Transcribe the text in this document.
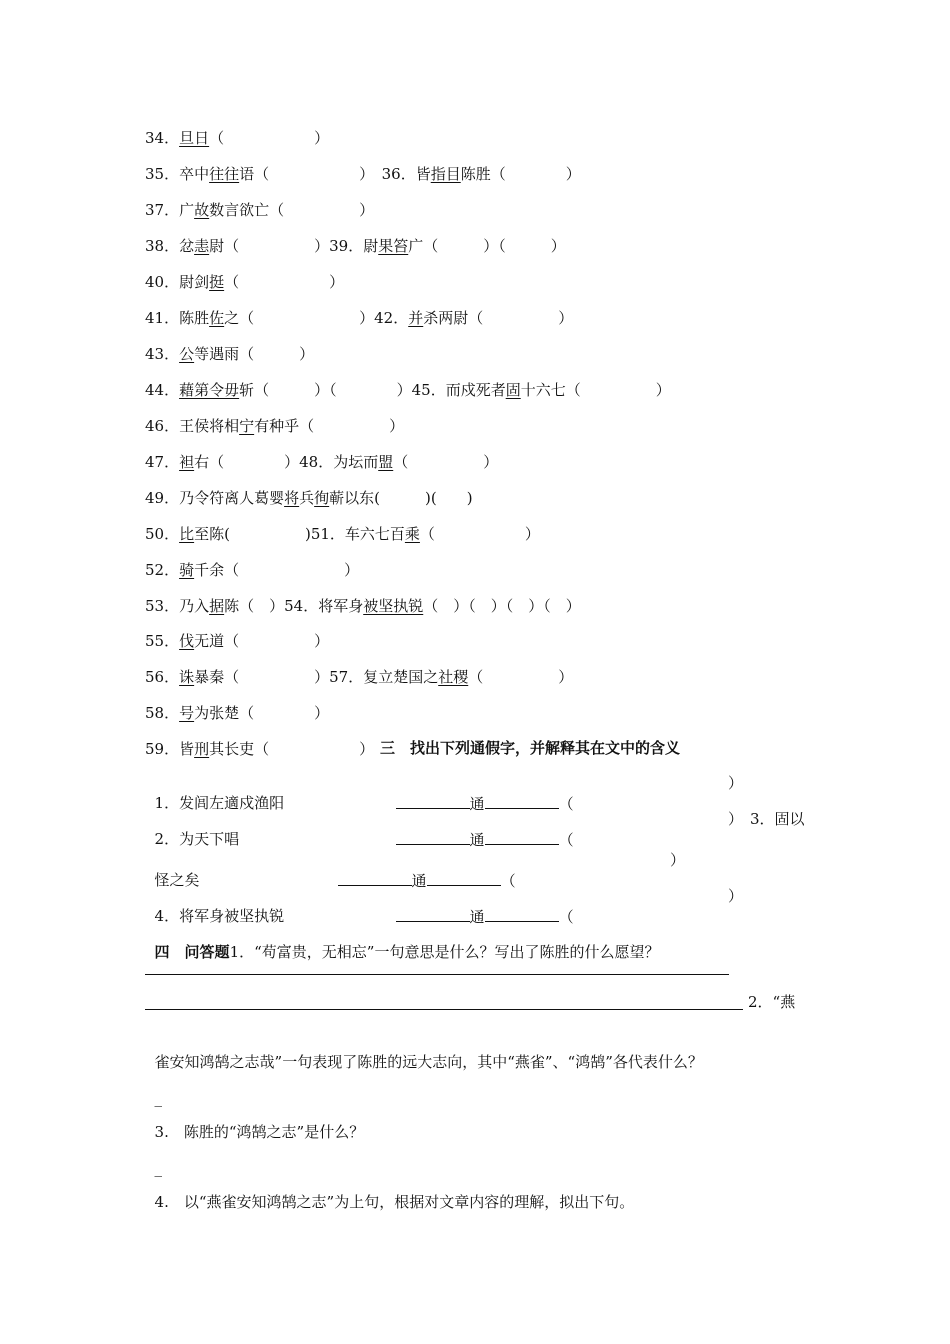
34．旦日（　　　　　　）
35．卒中往往语（　　　　　　）　36．皆指目陈胜（　　　　）
37．广故数言欲亡（　　　　　）
38．忿恚尉（　　　　　）39．尉果笞广（　　　）（　　　）
40．尉剑挺（　　　　　　）
41．陈胜佐之（　　　　　　　）42．并杀两尉（　　　　　）
43．公等遇雨（　　　）
44．藉第令毋斩（　　　）（　　　　）45．而戍死者固十六七（　　　　　）
46．王侯将相宁有种乎（　　　　　）
47．袒右（　　　　）48．为坛而盟（　　　　　）
49．乃令符离人葛婴将兵徇蕲以东(　　　)(　　)
50．比至陈(　　　　　)51．车六七百乘（　　　　　　）
52．骑千余（　　　　　　　）
53．乃入据陈（　）54．将军身被坚执锐（　）（　）（　）（　）
55．伐无道（　　　　　）
56．诛暴秦（　　　　　）57．复立楚国之社稷（　　　　　）
58．号为张楚（　　　　）
59．皆刑其长吏（　　　　　　） 三　找出下列通假字，并解释其在文中的含义

1．发闾左適戍渔阳	通	（

）

2．为天下唱	通	（

） 3．固以

怪之矣	通	（

）

4．将军身被坚执锐	通	（

）

四　问答题1．“苟富贵，无相忘”一句意思是什么？写出了陈胜的什么愿望？

2．“燕

雀安知鸿鹄之志哉”一句表现了陈胜的远大志向，其中“燕雀”、“鸿鹄”各代表什么？

_

3.　陈胜的“鸿鹄之志”是什么？

_

4.　以“燕雀安知鸿鹄之志”为上句，根据对文章内容的理解，拟出下句。
